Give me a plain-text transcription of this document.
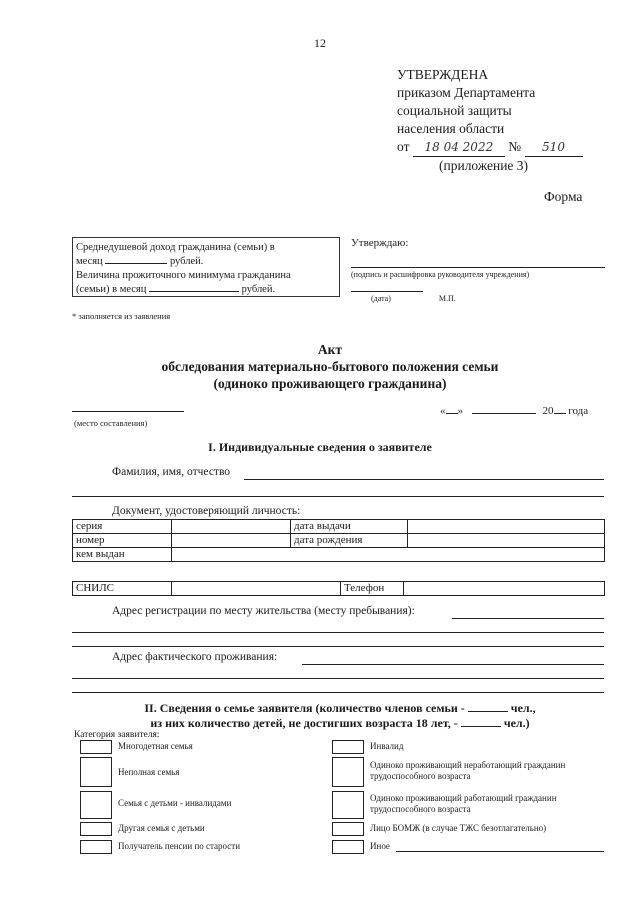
12
УТВЕРЖДЕНА
приказом Департамента
социальной защиты
населения области
от 18 04 2022 № 510
(приложение 3)
Форма
Среднедушевой доход гражданина (семьи) в
месяц	рублей.
Величина прожиточного минимума гражданина
(семьи) в месяц	рублей.
Утверждаю:
(подпись и расшифровка руководителя учреждения)
(дата)	М.П.
* заполняется из заявления
Акт
обследования материально-бытового положения семьи
(одиноко проживающего гражданина)
(место составления)
« »	20 года
I. Индивидуальные сведения о заявителе
Фамилия, имя, отчество
Документ, удостоверяющий личность:
серия		дата выдачи	
номер		дата рождения	
кем выдан			
СНИЛС		Телефон	
Адрес регистрации по месту жительства (месту пребывания):
Адрес фактического проживания:
II. Сведения о семье заявителя (количество членов семьи -	чел.,
из них количество детей, не достигших возраста 18 лет, -	чел.)
Категория заявителя:
Многодетная семья
Неполная семья
Семья с детьми - инвалидами
Другая семья с детьми
Получатель пенсии по старости
Инвалид
Одиноко проживающий неработающий гражданин трудоспособного возраста
Одиноко проживающий работающий гражданин трудоспособного возраста
Лицо БОМЖ (в случае ТЖС безотлагательно)
Иное
